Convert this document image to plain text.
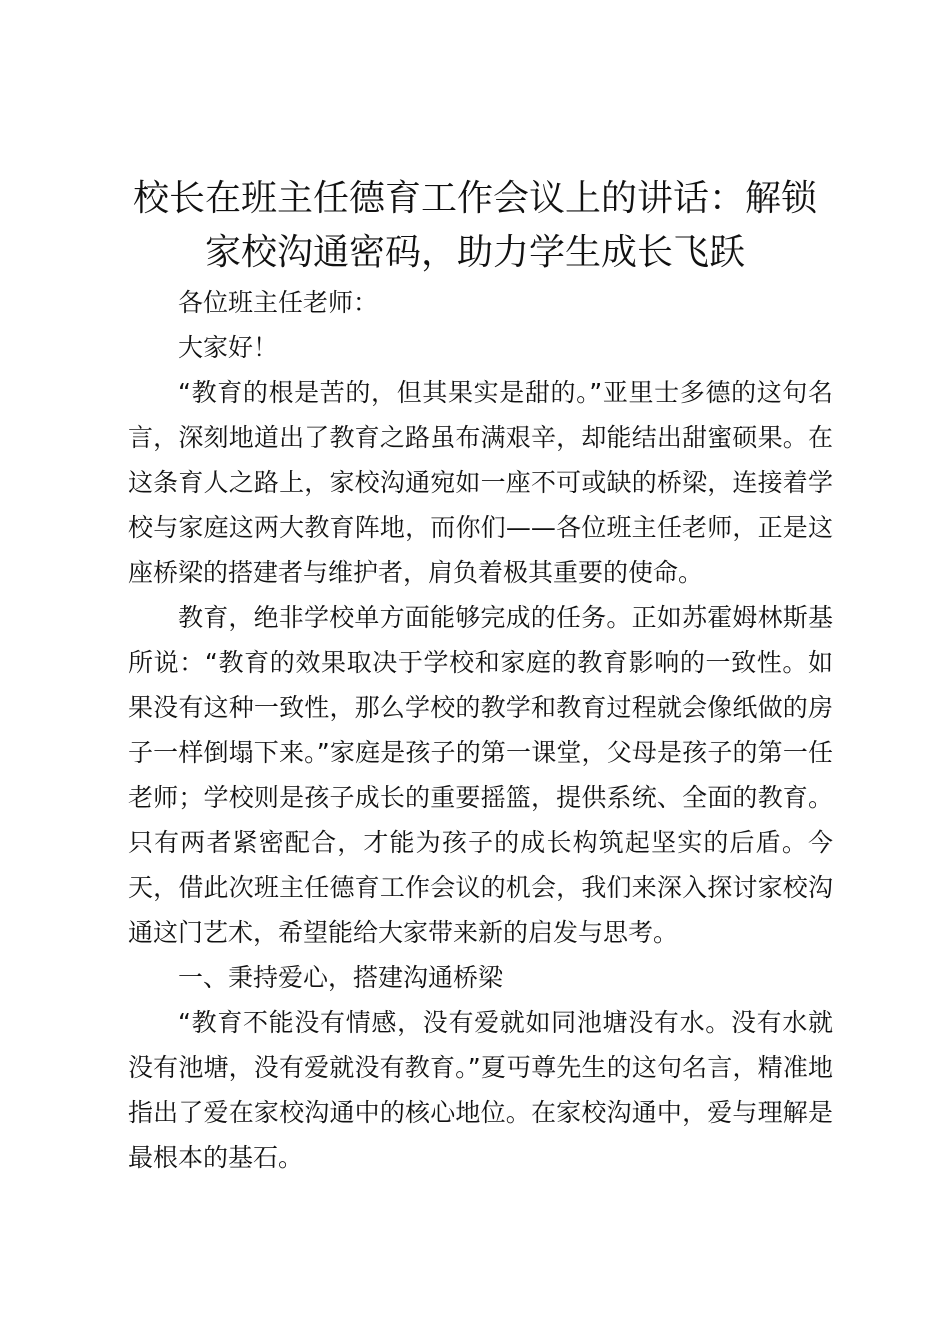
校长在班主任德育工作会议上的讲话：解锁家校沟通密码，助力学生成长飞跃

各位班主任老师：

大家好！

“教育的根是苦的，但其果实是甜的。”亚里士多德的这句名言，深刻地道出了教育之路虽布满艰辛，却能结出甜蜜硕果。在这条育人之路上，家校沟通宛如一座不可或缺的桥梁，连接着学校与家庭这两大教育阵地，而你们——各位班主任老师，正是这座桥梁的搭建者与维护者，肩负着极其重要的使命。

教育，绝非学校单方面能够完成的任务。正如苏霍姆林斯基所说：“教育的效果取决于学校和家庭的教育影响的一致性。如果没有这种一致性，那么学校的教学和教育过程就会像纸做的房子一样倒塌下来。”家庭是孩子的第一课堂，父母是孩子的第一任老师；学校则是孩子成长的重要摇篮，提供系统、全面的教育。只有两者紧密配合，才能为孩子的成长构筑起坚实的后盾。今天，借此次班主任德育工作会议的机会，我们来深入探讨家校沟通这门艺术，希望能给大家带来新的启发与思考。

一、秉持爱心，搭建沟通桥梁

“教育不能没有情感，没有爱就如同池塘没有水。没有水就没有池塘，没有爱就没有教育。”夏丏尊先生的这句名言，精准地指出了爱在家校沟通中的核心地位。在家校沟通中，爱与理解是最根本的基石。
